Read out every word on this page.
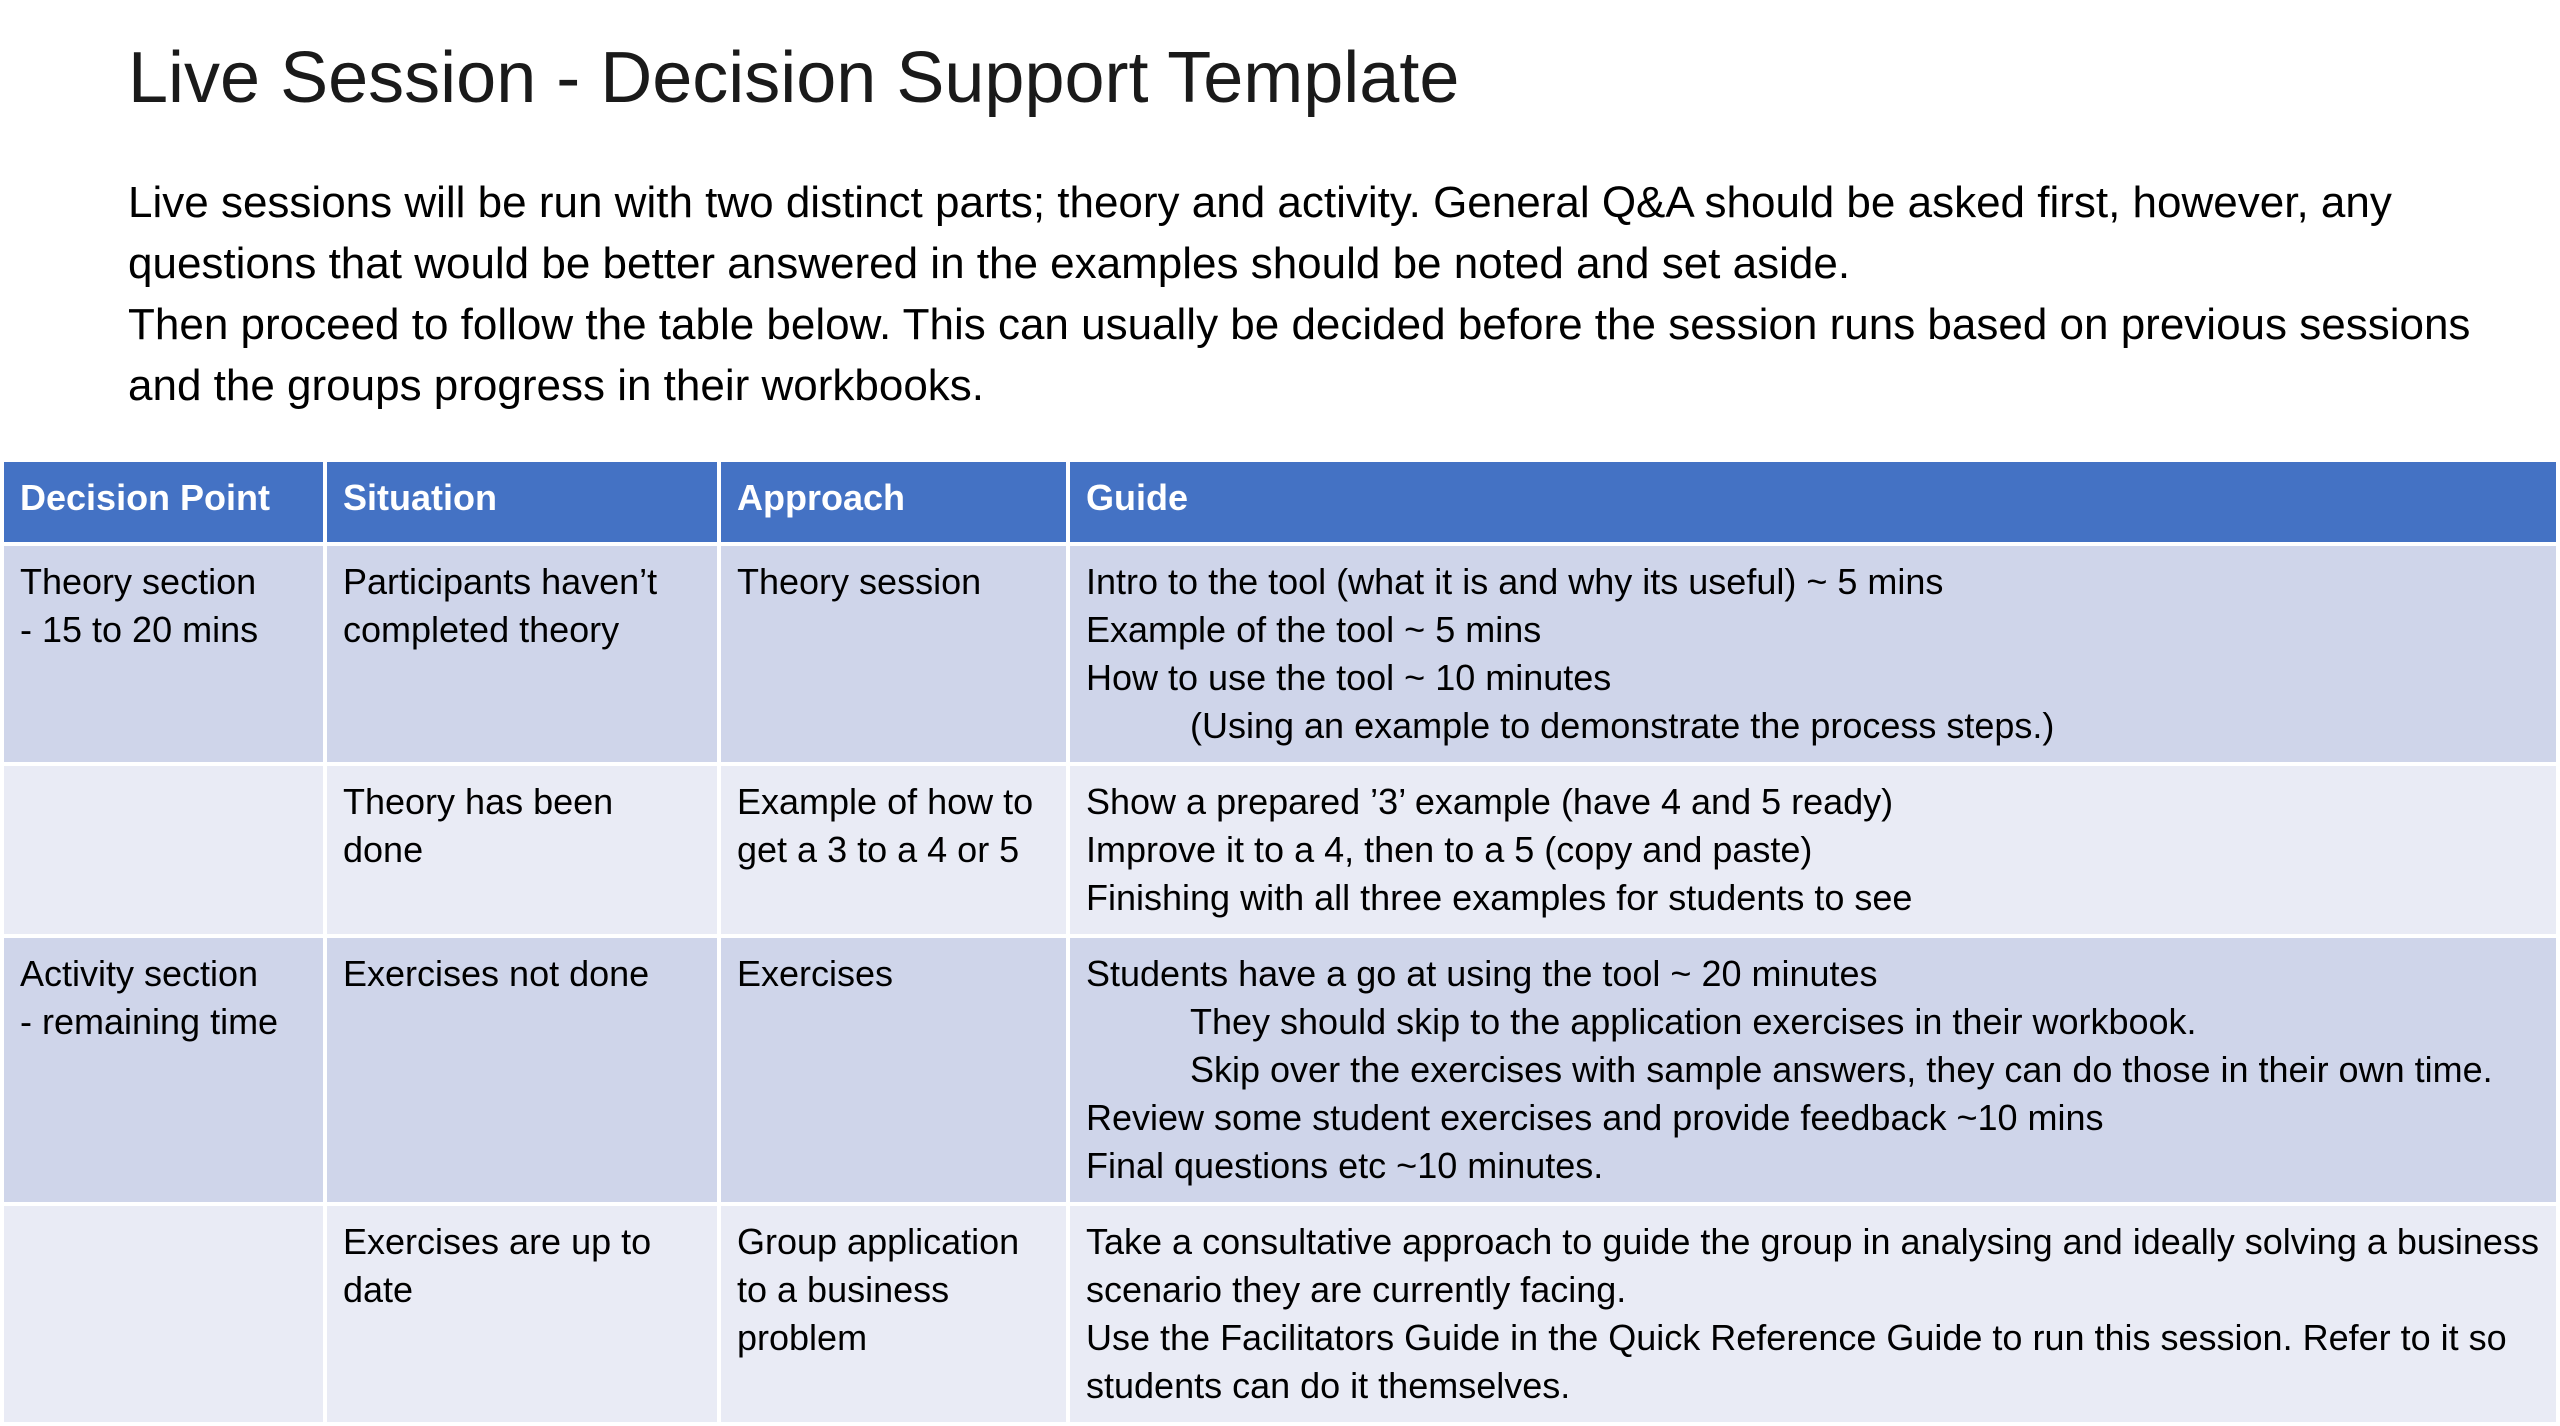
Live Session - Decision Support Template

Live sessions will be run with two distinct parts; theory and activity. General Q&A should be asked first, however, any questions that would be better answered in the examples should be noted and set aside.

Then proceed to follow the table below. This can usually be decided before the session runs based on previous sessions and the groups progress in their workbooks.

Decision Point	Situation	Approach	Guide

Theory section
- 15 to 20 mins	Participants haven’t completed theory	Theory session	Intro to the tool (what it is and why its useful) ~ 5 mins
Example of the tool ~ 5 mins
How to use the tool ~ 10 minutes
(Using an example to demonstrate the process steps.)

	Theory has been done	Example of how to get a 3 to a 4 or 5	Show a prepared ’3’ example (have 4 and 5 ready)
Improve it to a 4, then to a 5 (copy and paste)
Finishing with all three examples for students to see

Activity section
- remaining time	Exercises not done	Exercises	Students have a go at using the tool ~ 20 minutes
They should skip to the application exercises in their workbook.
Skip over the exercises with sample answers, they can do those in their own time.
Review some student exercises and provide feedback ~10 mins
Final questions etc ~10 minutes.

	Exercises are up to date	Group application to a business problem	Take a consultative approach to guide the group in analysing and ideally solving a business scenario they are currently facing.
Use the Facilitators Guide in the Quick Reference Guide to run this session. Refer to it so students can do it themselves.
